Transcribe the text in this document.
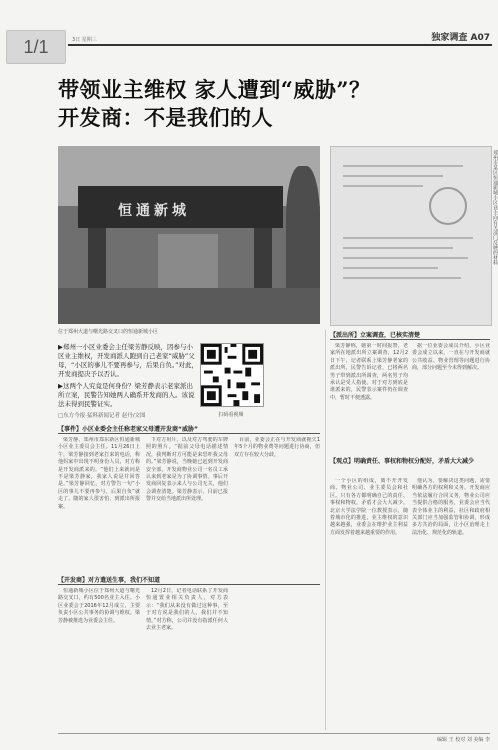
1/1	3日 星期三	独家调查 A07
带领业主维权 家人遭到“威胁”？
开发商：不是我们的人
恒通新城
位于郑州大道与曙光路交叉口的恒通新城小区
郑州市某区恒通新城小区业主向有关部门反映的材料

▶郑州一小区业委会主任梁芳静反映，因参与小区业主维权，开发商派人跑到自己老家“威胁”父母，“小区的事儿不要再参与，后果自负。”对此，开发商提决予以否认。

▶这两个人究竟是何身份？梁芳静表示老家派出所立案，民警告知她两人确系开发商的人。该说法未得到民警证实。

□东方今报·猛料新闻记者 赵丹/文图	扫码看视频
【派出所】立案调查，已核实清楚

梁芳静称，她第一时间报警，老家所在地派出所立案调查，12月2日下午，记者联系上梁芳静老家的派出所，民警告诉记者，已将两名男子带到派出所调查，两名男子均承认是受人指使。对于对方到底是谁派来的，民警表示案件仍在调查中，暂时不便透露。

据一位业委会成员介绍，小区业委会成立以来，一直在与开发商就公共收益、物业管理等问题进行协商，部分问题至今未得到解决。

【观点】明确责任、事权和物权分配好，矛盾大大减少

一个小区的组成，离不开开发商、物业公司、业主委员会和社区。只有各方都明确自己的责任、事权和物权，矛盾才会大大减少。北京大学法学院一位教授表示，随着城市化的推进，业主维权的意识越来越强，业委会在维护业主利益方面发挥着越来越重要的作用。

他认为，要解决这类问题，需要明确各方的权利和义务。开发商应当依法履行合同义务，物业公司应当提供合格的服务，业委会应当代表全体业主的利益，社区和政府相关部门应当加强监管和协调，形成多方共治的局面，让小区治理走上法治化、规范化的轨道。

【事件】小区业委会主任称老家父母遭开发商“威胁”

梁芳静，郑州市郑东新区恒通新城小区业主委员会主任。11月26日上午，梁芳静接到老家打来的电话，称他妈家中出现不明身份人员，对方称是开发商派来的。“他们上来就问是不是梁芳静家，我家人说是并回答是。”梁芳静回忆，对方警告一句“小区的事儿不要再参与，后果自负”就走了。随的家人很害怕，到派出所报案。

下对方用片，以及对方驾驶的车牌照的照片。“据前父母电话描述情况，我判断对方可能是来恐吓我父母的。”梁芳静说，当晚她已赶到开发商安全部，开发商物业公司一名员工承认来到老家是为了协调事情。事后开发商回复表示来人与公司无关，他们会调查清楚。梁芳静表示，目前已报警并交给当地派出所处理。

目前，业委会正在与开发商就拖欠1年5个月的物业费等问题进行协商，但双方存在较大分歧。

【开发商】对方遣送生事，我们不知道

恒通新城小区位于郑州大道与曙光路交叉口，约有500名业主入住。小区业委会于2016年12月成立，主要负责小区公共事务的协调与维权。梁芳静被推选为业委会主任。

12月2日，记者电话联系了开发商恒通置业相关负责人，对方表示：“我们从来没有做过这种事，至于对方说是我们的人，我们并不知情。”对方称，公司并没有指派任何人去业主老家。

编辑 王 校对 刘 美编 李
